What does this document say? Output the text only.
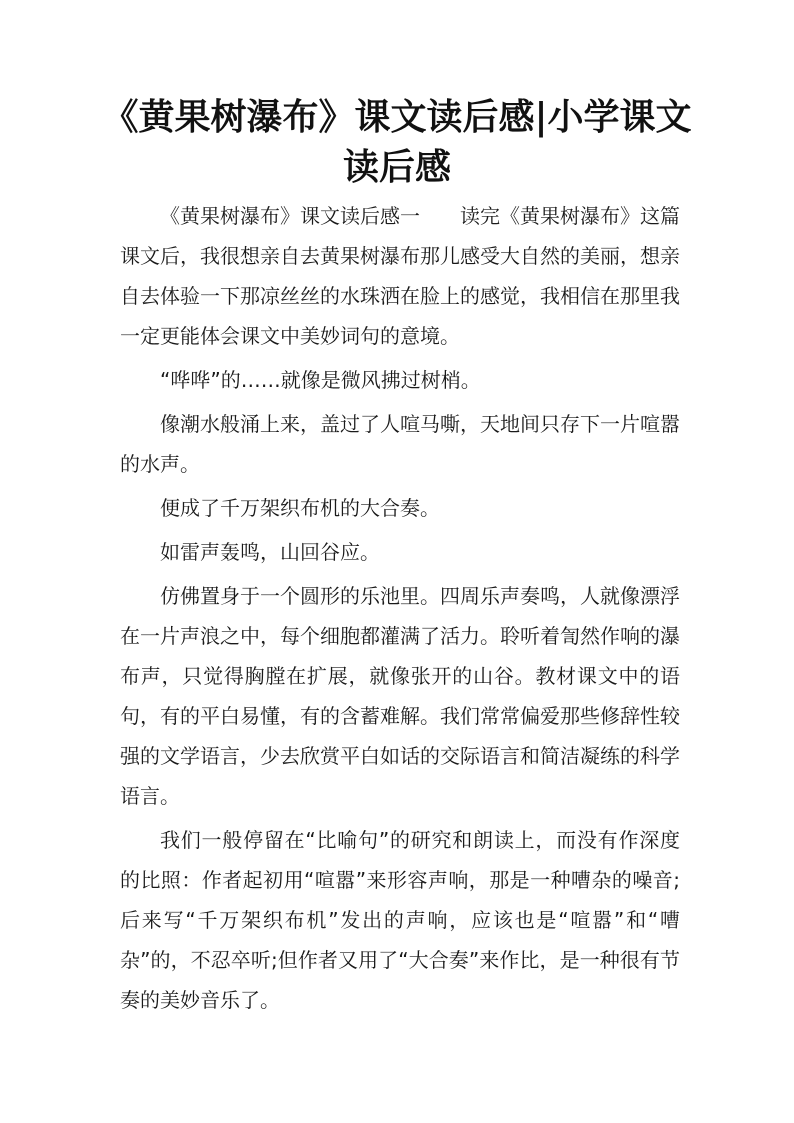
《黄果树瀑布》课文读后感|小学课文读后感

《黄果树瀑布》课文读后感一　　读完《黄果树瀑布》这篇课文后，我很想亲自去黄果树瀑布那儿感受大自然的美丽，想亲自去体验一下那凉丝丝的水珠洒在脸上的感觉，我相信在那里我一定更能体会课文中美妙词句的意境。

“哗哗”的……就像是微风拂过树梢。

像潮水般涌上来，盖过了人喧马嘶，天地间只存下一片喧嚣的水声。

便成了千万架织布机的大合奏。

如雷声轰鸣，山回谷应。

仿佛置身于一个圆形的乐池里。四周乐声奏鸣，人就像漂浮在一片声浪之中，每个细胞都灌满了活力。聆听着訇然作响的瀑布声，只觉得胸膛在扩展，就像张开的山谷。教材课文中的语句，有的平白易懂，有的含蓄难解。我们常常偏爱那些修辞性较强的文学语言，少去欣赏平白如话的交际语言和简洁凝练的科学语言。

我们一般停留在“比喻句”的研究和朗读上，而没有作深度的比照：作者起初用“喧嚣”来形容声响，那是一种嘈杂的噪音;后来写“千万架织布机”发出的声响，应该也是“喧嚣”和“嘈杂”的，不忍卒听;但作者又用了“大合奏”来作比，是一种很有节奏的美妙音乐了。
